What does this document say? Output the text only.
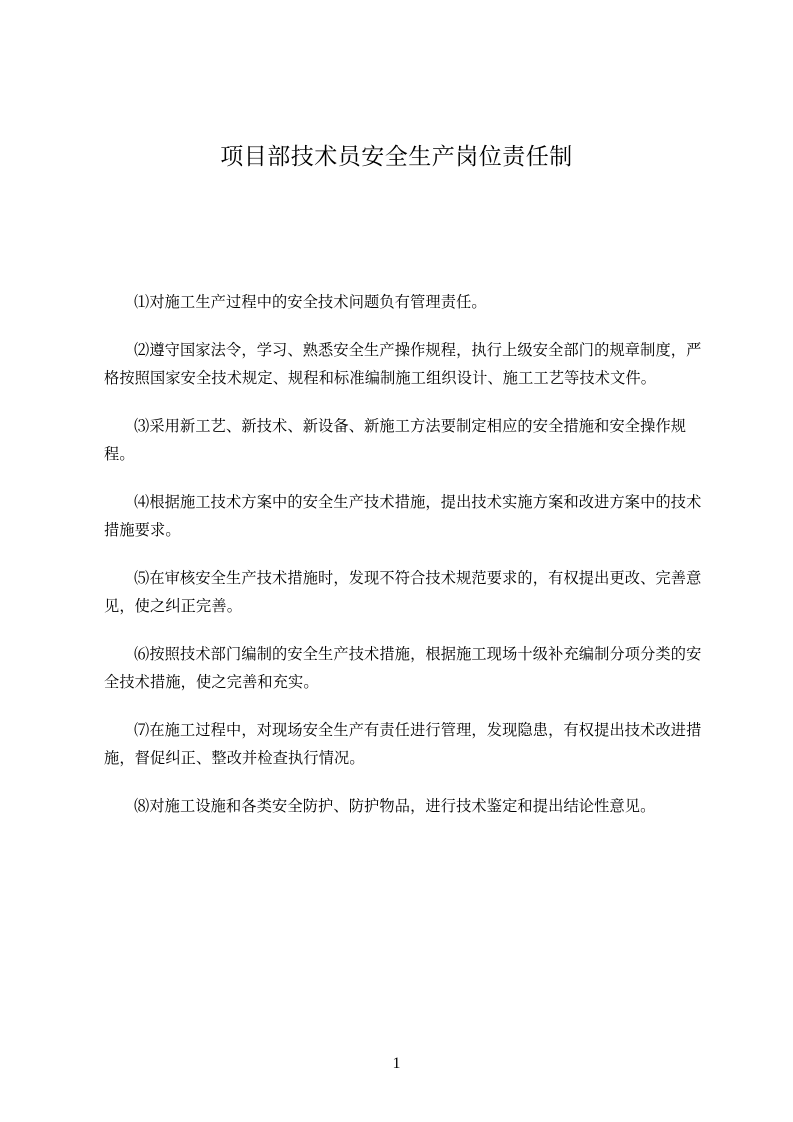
项目部技术员安全生产岗位责任制

⑴对施工生产过程中的安全技术问题负有管理责任。

⑵遵守国家法令，学习、熟悉安全生产操作规程，执行上级安全部门的规章制度，严格按照国家安全技术规定、规程和标准编制施工组织设计、施工工艺等技术文件。

⑶采用新工艺、新技术、新设备、新施工方法要制定相应的安全措施和安全操作规程。

⑷根据施工技术方案中的安全生产技术措施，提出技术实施方案和改进方案中的技术措施要求。

⑸在审核安全生产技术措施时，发现不符合技术规范要求的，有权提出更改、完善意见，使之纠正完善。

⑹按照技术部门编制的安全生产技术措施，根据施工现场十级补充编制分项分类的安全技术措施，使之完善和充实。

⑺在施工过程中，对现场安全生产有责任进行管理，发现隐患，有权提出技术改进措施，督促纠正、整改并检查执行情况。

⑻对施工设施和各类安全防护、防护物品，进行技术鉴定和提出结论性意见。

1
